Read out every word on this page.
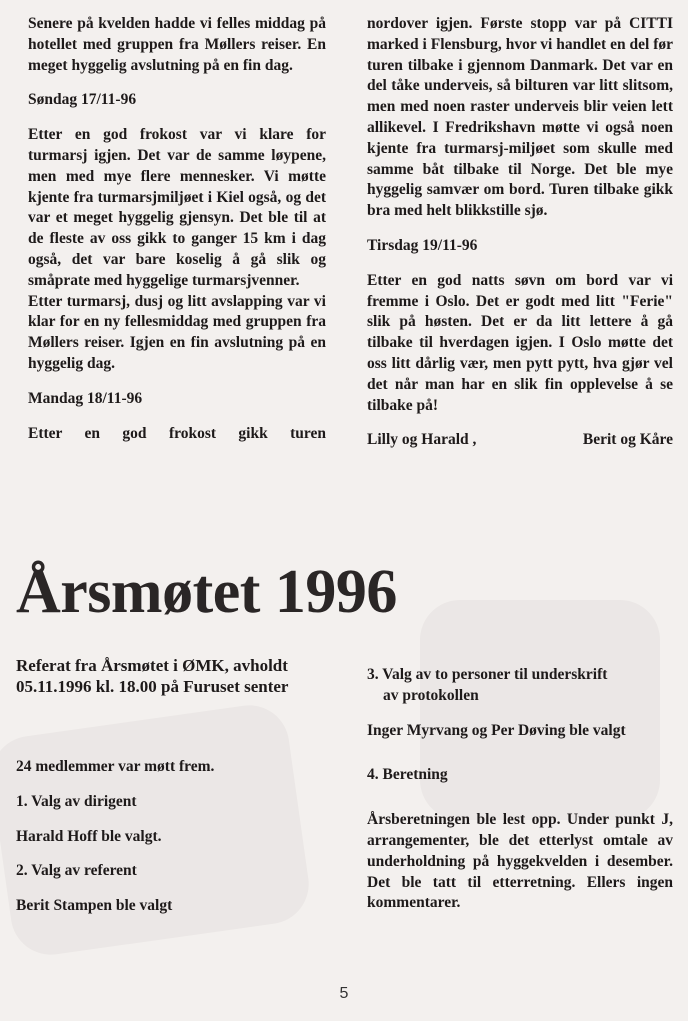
Senere på kvelden hadde vi felles middag på hotellet med gruppen fra Møllers reiser. En meget hyggelig avslutning på en fin dag.

Søndag 17/11-96

Etter en god frokost var vi klare for turmarsj igjen. Det var de samme løypene, men med mye flere mennesker. Vi møtte kjente fra turmarsjmiljøet i Kiel også, og det var et meget hyggelig gjensyn. Det ble til at de fleste av oss gikk to ganger 15 km i dag også, det var bare koselig å gå slik og småprate med hyggelige turmarsjvenner.

Etter turmarsj, dusj og litt avslapping var vi klar for en ny fellesmiddag med gruppen fra Møllers reiser. Igjen en fin avslutning på en hyggelig dag.

Mandag 18/11-96

Etter en god frokost gikk turen

nordover igjen. Første stopp var på CITTI marked i Flensburg, hvor vi handlet en del før turen tilbake i gjennom Danmark. Det var en del tåke underveis, så bilturen var litt slitsom, men med noen raster underveis blir veien lett allikevel. I Fredrikshavn møtte vi også noen kjente fra turmarsj-miljøet som skulle med samme båt tilbake til Norge. Det ble mye hyggelig samvær om bord. Turen tilbake gikk bra med helt blikkstille sjø.

Tirsdag 19/11-96

Etter en god natts søvn om bord var vi fremme i Oslo. Det er godt med litt "Ferie" slik på høsten. Det er da litt lettere å gå tilbake til hverdagen igjen. I Oslo møtte det oss litt dårlig vær, men pytt pytt, hva gjør vel det når man har en slik fin opplevelse å se tilbake på!

Lilly og Harald ,	Berit og Kåre
Årsmøtet 1996

Referat fra Årsmøtet i ØMK, avholdt 05.11.1996 kl. 18.00 på Furuset senter

24 medlemmer var møtt frem.

1. Valg av dirigent

Harald Hoff ble valgt.

2. Valg av referent

Berit Stampen ble valgt

3. Valg av to personer til underskrift
av protokollen

Inger Myrvang og Per Døving ble valgt

4. Beretning

Årsberetningen ble lest opp. Under punkt J, arrangementer, ble det etterlyst omtale av underholdning på hyggekvelden i desember. Det ble tatt til etterretning. Ellers ingen kommentarer.

5
